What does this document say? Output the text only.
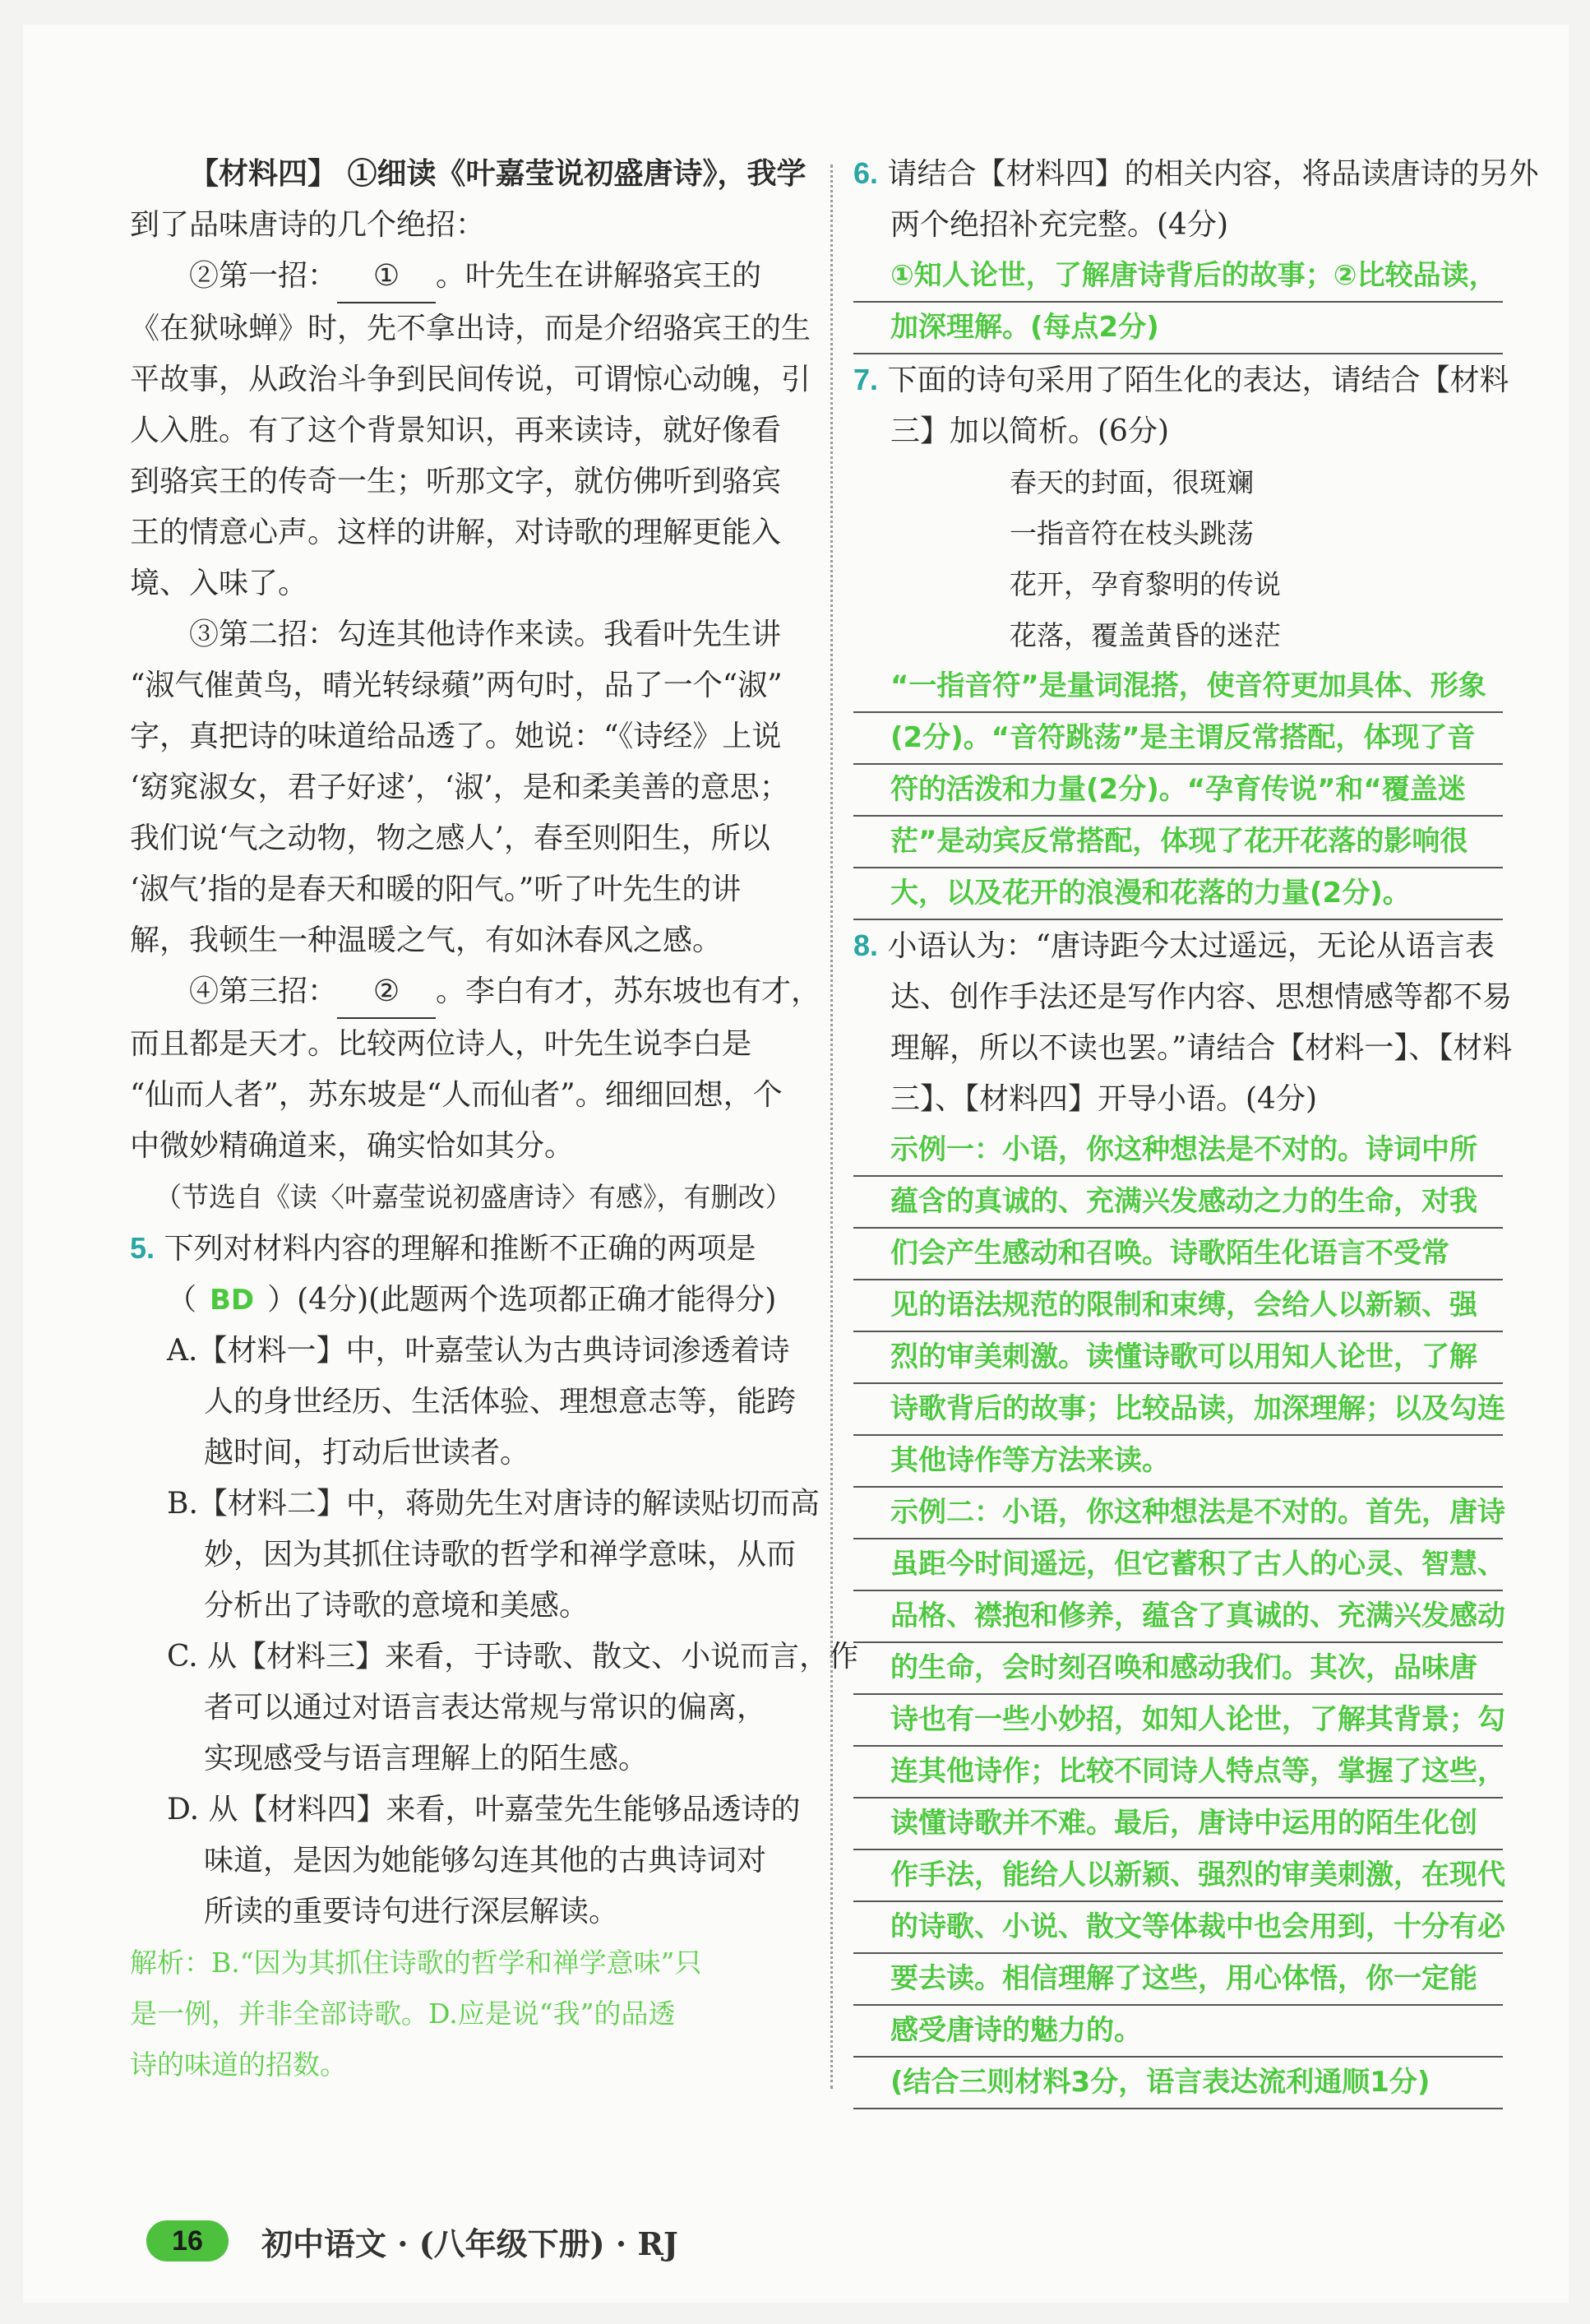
【材料四】 ①细读《叶嘉莹说初盛唐诗》，我学
到了品味唐诗的几个绝招：
②第一招： ① 。叶先生在讲解骆宾王的
《在狱咏蝉》时，先不拿出诗，而是介绍骆宾王的生
平故事，从政治斗争到民间传说，可谓惊心动魄，引
人入胜。有了这个背景知识，再来读诗，就好像看
到骆宾王的传奇一生；听那文字，就仿佛听到骆宾
王的情意心声。这样的讲解，对诗歌的理解更能入
境、入味了。
③第二招：勾连其他诗作来读。我看叶先生讲
“淑气催黄鸟，晴光转绿蘋”两句时，品了一个“淑”
字，真把诗的味道给品透了。她说：“《诗经》上说
‘窈窕淑女，君子好逑’，‘淑’，是和柔美善的意思；
我们说‘气之动物，物之感人’，春至则阳生，所以
‘淑气’指的是春天和暖的阳气。”听了叶先生的讲
解，我顿生一种温暖之气，有如沐春风之感。
④第三招： ② 。李白有才，苏东坡也有才，
而且都是天才。比较两位诗人，叶先生说李白是
“仙而人者”，苏东坡是“人而仙者”。细细回想，个
中微妙精确道来，确实恰如其分。
（节选自《读〈叶嘉莹说初盛唐诗〉有感》，有删改）
5. 下列对材料内容的理解和推断不正确的两项是
（ BD ）(4分)(此题两个选项都正确才能得分)
A.【材料一】中，叶嘉莹认为古典诗词渗透着诗
人的身世经历、生活体验、理想意志等，能跨
越时间，打动后世读者。
B.【材料二】中，蒋勋先生对唐诗的解读贴切而高
妙，因为其抓住诗歌的哲学和禅学意味，从而
分析出了诗歌的意境和美感。
C. 从【材料三】来看，于诗歌、散文、小说而言，作
者可以通过对语言表达常规与常识的偏离，
实现感受与语言理解上的陌生感。
D. 从【材料四】来看，叶嘉莹先生能够品透诗的
味道，是因为她能够勾连其他的古典诗词对
所读的重要诗句进行深层解读。
解析：B.“因为其抓住诗歌的哲学和禅学意味”只
是一例，并非全部诗歌。D.应是说“我”的品透
诗的味道的招数。
6. 请结合【材料四】的相关内容，将品读唐诗的另外
两个绝招补充完整。(4分)
①知人论世，了解唐诗背后的故事；②比较品读，
加深理解。(每点2分)
7. 下面的诗句采用了陌生化的表达，请结合【材料
三】加以简析。(6分)
春天的封面，很斑斓
一指音符在枝头跳荡
花开，孕育黎明的传说
花落，覆盖黄昏的迷茫
“一指音符”是量词混搭，使音符更加具体、形象
(2分)。“音符跳荡”是主谓反常搭配，体现了音
符的活泼和力量(2分)。“孕育传说”和“覆盖迷
茫”是动宾反常搭配，体现了花开花落的影响很
大，以及花开的浪漫和花落的力量(2分)。
8. 小语认为：“唐诗距今太过遥远，无论从语言表
达、创作手法还是写作内容、思想情感等都不易
理解，所以不读也罢。”请结合【材料一】、【材料
三】、【材料四】开导小语。(4分)
示例一：小语，你这种想法是不对的。诗词中所
蕴含的真诚的、充满兴发感动之力的生命，对我
们会产生感动和召唤。诗歌陌生化语言不受常
见的语法规范的限制和束缚，会给人以新颖、强
烈的审美刺激。读懂诗歌可以用知人论世，了解
诗歌背后的故事；比较品读，加深理解；以及勾连
其他诗作等方法来读。
示例二：小语，你这种想法是不对的。首先，唐诗
虽距今时间遥远，但它蓄积了古人的心灵、智慧、
品格、襟抱和修养，蕴含了真诚的、充满兴发感动
的生命，会时刻召唤和感动我们。其次，品味唐
诗也有一些小妙招，如知人论世，了解其背景；勾
连其他诗作；比较不同诗人特点等，掌握了这些，
读懂诗歌并不难。最后，唐诗中运用的陌生化创
作手法，能给人以新颖、强烈的审美刺激，在现代
的诗歌、小说、散文等体裁中也会用到，十分有必
要去读。相信理解了这些，用心体悟，你一定能
感受唐诗的魅力的。
(结合三则材料3分，语言表达流利通顺1分)
16	初中语文 · (八年级下册) · RJ
